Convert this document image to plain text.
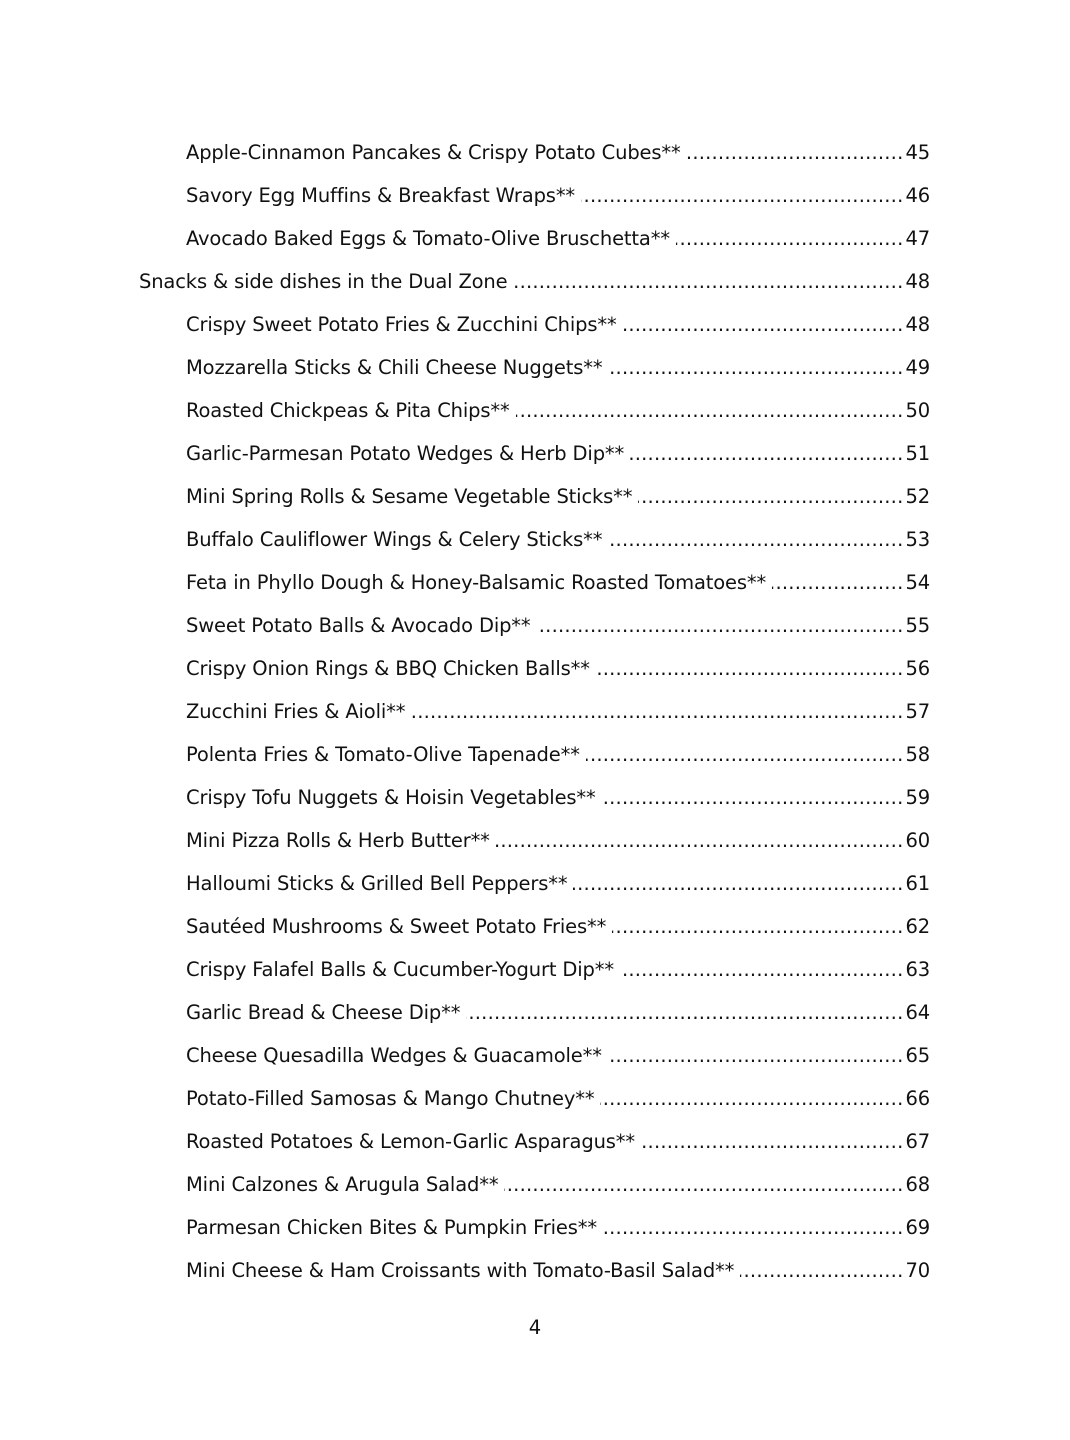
Apple-Cinnamon Pancakes & Crispy Potato Cubes** .....	45
Savory Egg Muffins & Breakfast Wraps** .....	46
Avocado Baked Eggs & Tomato-Olive Bruschetta** .....	47
Snacks & side dishes in the Dual Zone .....	48
Crispy Sweet Potato Fries & Zucchini Chips** .....	48
Mozzarella Sticks & Chili Cheese Nuggets** .....	49
Roasted Chickpeas & Pita Chips** .....	50
Garlic-Parmesan Potato Wedges & Herb Dip** .....	51
Mini Spring Rolls & Sesame Vegetable Sticks** .....	52
Buffalo Cauliflower Wings & Celery Sticks** .....	53
Feta in Phyllo Dough & Honey-Balsamic Roasted Tomatoes** .....	54
Sweet Potato Balls & Avocado Dip** .....	55
Crispy Onion Rings & BBQ Chicken Balls** .....	56
Zucchini Fries & Aioli** .....	57
Polenta Fries & Tomato-Olive Tapenade** .....	58
Crispy Tofu Nuggets & Hoisin Vegetables** .....	59
Mini Pizza Rolls & Herb Butter** .....	60
Halloumi Sticks & Grilled Bell Peppers** .....	61
Sautéed Mushrooms & Sweet Potato Fries** .....	62
Crispy Falafel Balls & Cucumber-Yogurt Dip** .....	63
Garlic Bread & Cheese Dip** .....	64
Cheese Quesadilla Wedges & Guacamole** .....	65
Potato-Filled Samosas & Mango Chutney** .....	66
Roasted Potatoes & Lemon-Garlic Asparagus** .....	67
Mini Calzones & Arugula Salad** .....	68
Parmesan Chicken Bites & Pumpkin Fries** .....	69
Mini Cheese & Ham Croissants with Tomato-Basil Salad** .....	70
4
